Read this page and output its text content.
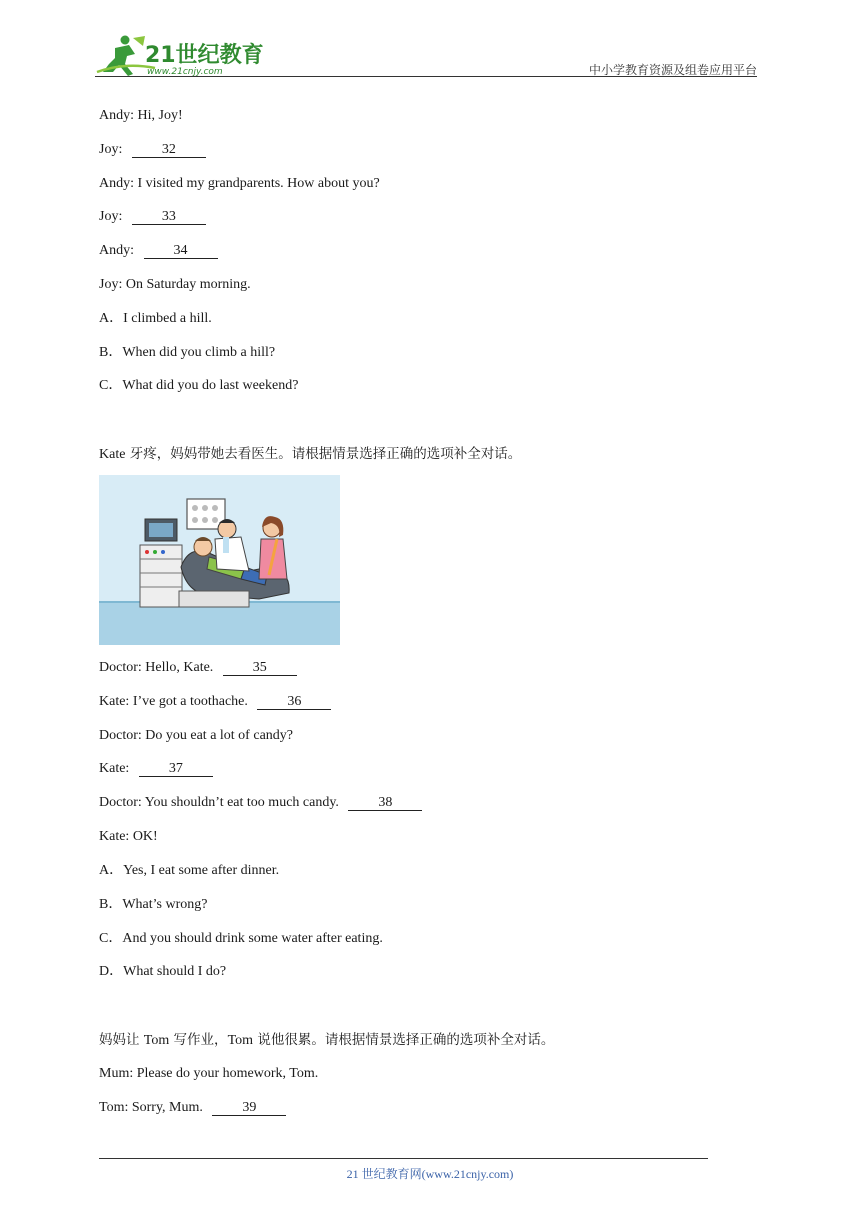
21世纪教育
www.21cnjy.com	中小学教育资源及组卷应用平台
Andy: Hi, Joy!
Joy:	32
Andy: I visited my grandparents. How about you?
Joy:	33
Andy:	34
Joy: On Saturday morning.
A．I climbed a hill.
B．When did you climb a hill?
C．What did you do last weekend?
Kate 牙疼，妈妈带她去看医生。请根据情景选择正确的选项补全对话。
Doctor: Hello, Kate.	35
Kate: I’ve got a toothache.	36
Doctor: Do you eat a lot of candy?
Kate:	37
Doctor: You shouldn’t eat too much candy.	38
Kate: OK!
A．Yes, I eat some after dinner.
B．What’s wrong?
C．And you should drink some water after eating.
D．What should I do?
妈妈让 Tom 写作业，Tom 说他很累。请根据情景选择正确的选项补全对话。
Mum: Please do your homework, Tom.
Tom: Sorry, Mum.	39
21 世纪教育网(www.21cnjy.com)
